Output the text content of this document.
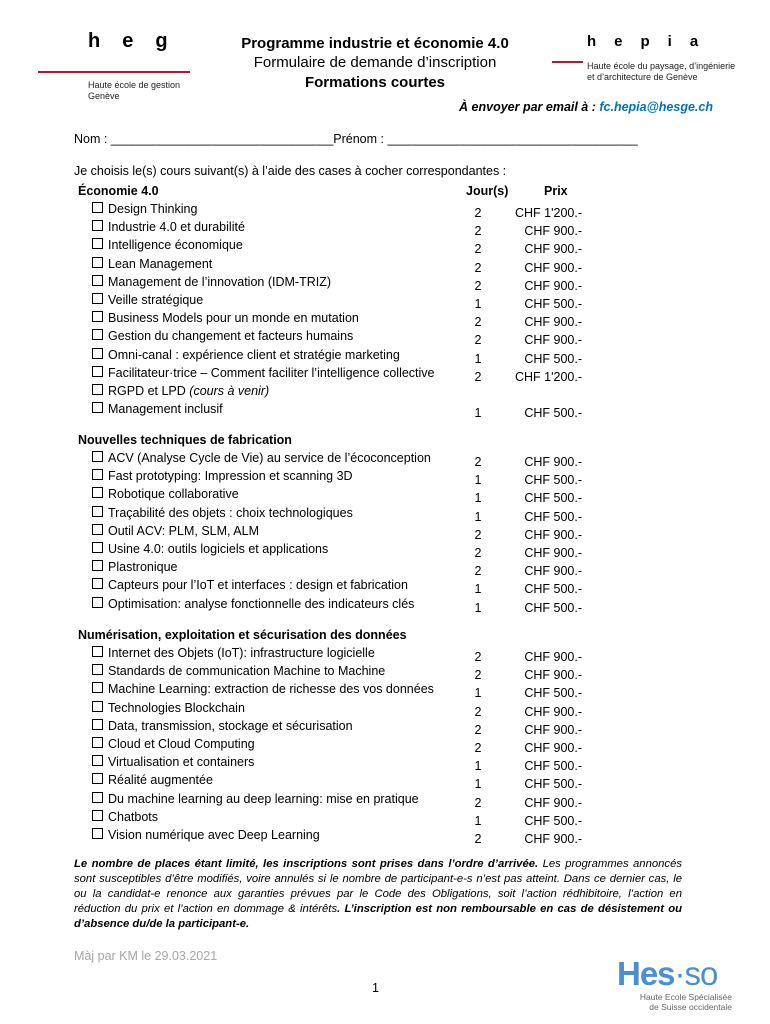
heg
Haute école de gestion
Genève
Programme industrie et économie 4.0
Formulaire de demande d’inscription
Formations courtes
hepia
Haute école du paysage, d’ingénierie
et d’architecture de Genève
À envoyer par email à : fc.hepia@hesge.ch
Nom : ________________________________Prénom : ____________________________________
Je choisis le(s) cours suivant(s) à l’aide des cases à cocher correspondantes :
Jour(s)	Prix
Économie 4.0
Design Thinking	2	CHF 1'200.-
Industrie 4.0 et durabilité	2	CHF 900.-
Intelligence économique	2	CHF 900.-
Lean Management	2	CHF 900.-
Management de l’innovation (IDM-TRIZ)	2	CHF 900.-
Veille stratégique	1	CHF 500.-
Business Models pour un monde en mutation	2	CHF 900.-
Gestion du changement et facteurs humains	2	CHF 900.-
Omni-canal : expérience client et stratégie marketing	1	CHF 500.-
Facilitateur·trice – Comment faciliter l’intelligence collective	2	CHF 1'200.-
RGPD et LPD (cours à venir)
Management inclusif	1	CHF 500.-
Nouvelles techniques de fabrication
ACV (Analyse Cycle de Vie) au service de l’écoconception	2	CHF 900.-
Fast prototyping: Impression et scanning 3D	1	CHF 500.-
Robotique collaborative	1	CHF 500.-
Traçabilité des objets : choix technologiques	1	CHF 500.-
Outil ACV: PLM, SLM, ALM	2	CHF 900.-
Usine 4.0: outils logiciels et applications	2	CHF 900.-
Plastronique	2	CHF 900.-
Capteurs pour l’IoT et interfaces : design et fabrication	1	CHF 500.-
Optimisation: analyse fonctionnelle des indicateurs clés	1	CHF 500.-
Numérisation, exploitation et sécurisation des données
Internet des Objets (IoT): infrastructure logicielle	2	CHF 900.-
Standards de communication Machine to Machine	2	CHF 900.-
Machine Learning: extraction de richesse des vos données	1	CHF 500.-
Technologies Blockchain	2	CHF 900.-
Data, transmission, stockage et sécurisation	2	CHF 900.-
Cloud et Cloud Computing	2	CHF 900.-
Virtualisation et containers	1	CHF 500.-
Réalité augmentée	1	CHF 500.-
Du machine learning au deep learning: mise en pratique	2	CHF 900.-
Chatbots	1	CHF 500.-
Vision numérique avec Deep Learning	2	CHF 900.-
Le nombre de places étant limité, les inscriptions sont prises dans l’ordre d’arrivée. Les programmes annoncés sont susceptibles d’être modifiés, voire annulés si le nombre de participant-e-s n’est pas atteint. Dans ce dernier cas, le ou la candidat-e renonce aux garanties prévues par le Code des Obligations, soit l’action rédhibitoire, l’action en réduction du prix et l’action en dommage & intérêts. L’inscription est non remboursable en cas de désistement ou d’absence du/de la participant-e.
Màj par KM le 29.03.2021
1	Hes·so
Haute Ecole Spécialisée
de Suisse occidentale
